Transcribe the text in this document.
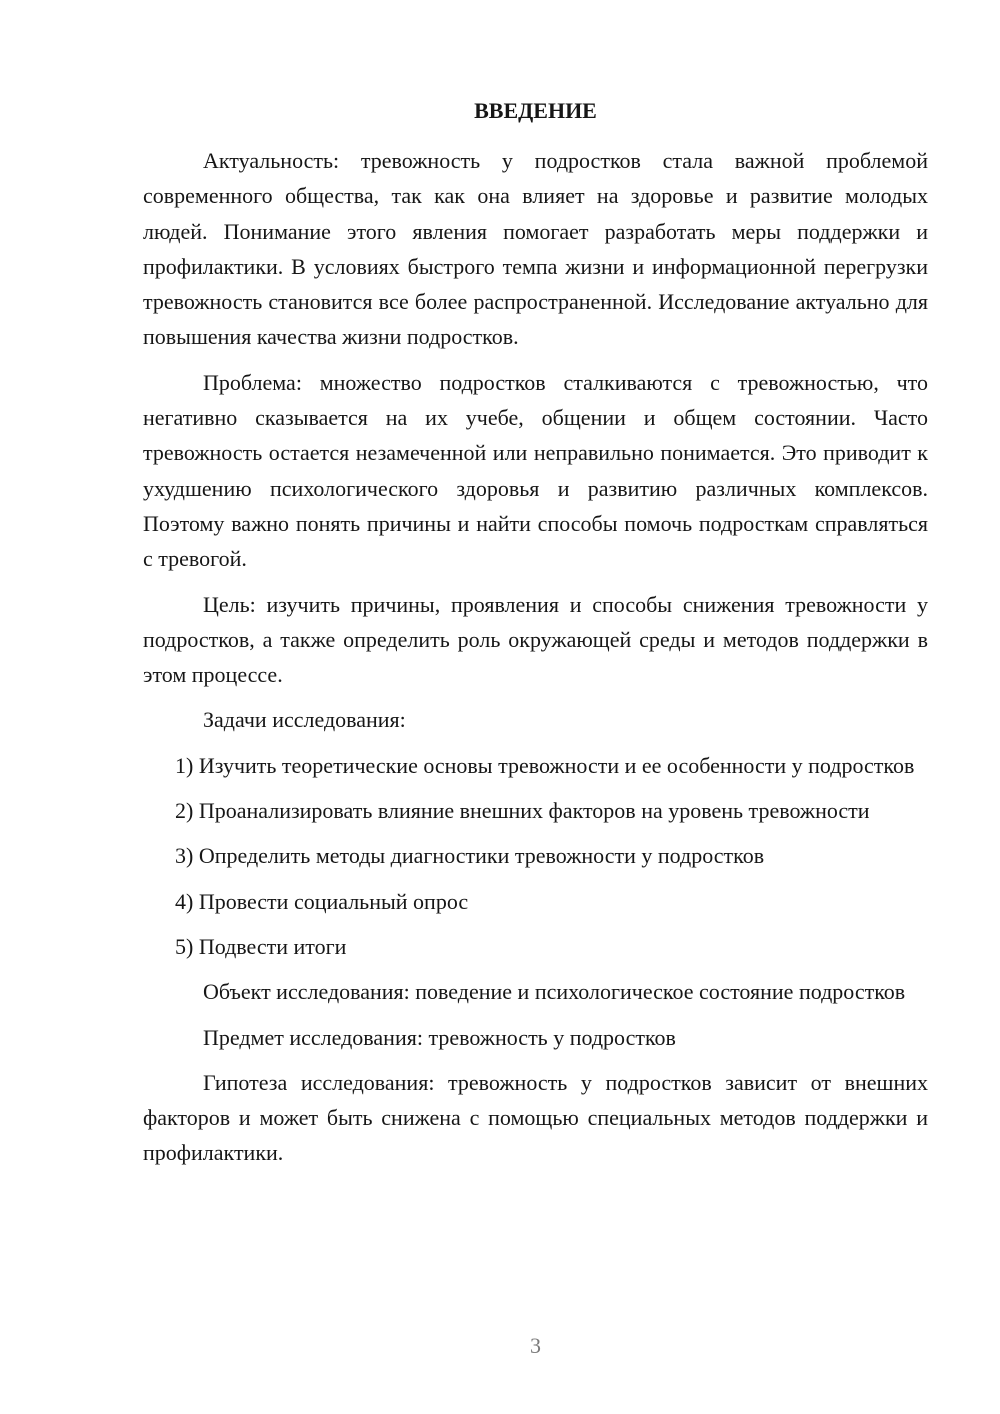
ВВЕДЕНИЕ

Актуальность: тревожность у подростков стала важной проблемой современного общества, так как она влияет на здоровье и развитие молодых людей. Понимание этого явления помогает разработать меры поддержки и профилактики. В условиях быстрого темпа жизни и информационной перегрузки тревожность становится все более распространенной. Исследование актуально для повышения качества жизни подростков.

Проблема: множество подростков сталкиваются с тревожностью, что негативно сказывается на их учебе, общении и общем состоянии. Часто тревожность остается незамеченной или неправильно понимается. Это приводит к ухудшению психологического здоровья и развитию различных комплексов. Поэтому важно понять причины и найти способы помочь подросткам справляться с тревогой.

Цель: изучить причины, проявления и способы снижения тревожности у подростков, а также определить роль окружающей среды и методов поддержки в этом процессе.

Задачи исследования:

1) Изучить теоретические основы тревожности и ее особенности у подростков

2) Проанализировать влияние внешних факторов на уровень тревожности

3) Определить методы диагностики тревожности у подростков

4) Провести социальный опрос

5) Подвести итоги

Объект исследования: поведение и психологическое состояние подростков

Предмет исследования: тревожность у подростков

Гипотеза исследования: тревожность у подростков зависит от внешних факторов и может быть снижена с помощью специальных методов поддержки и профилактики.

3
